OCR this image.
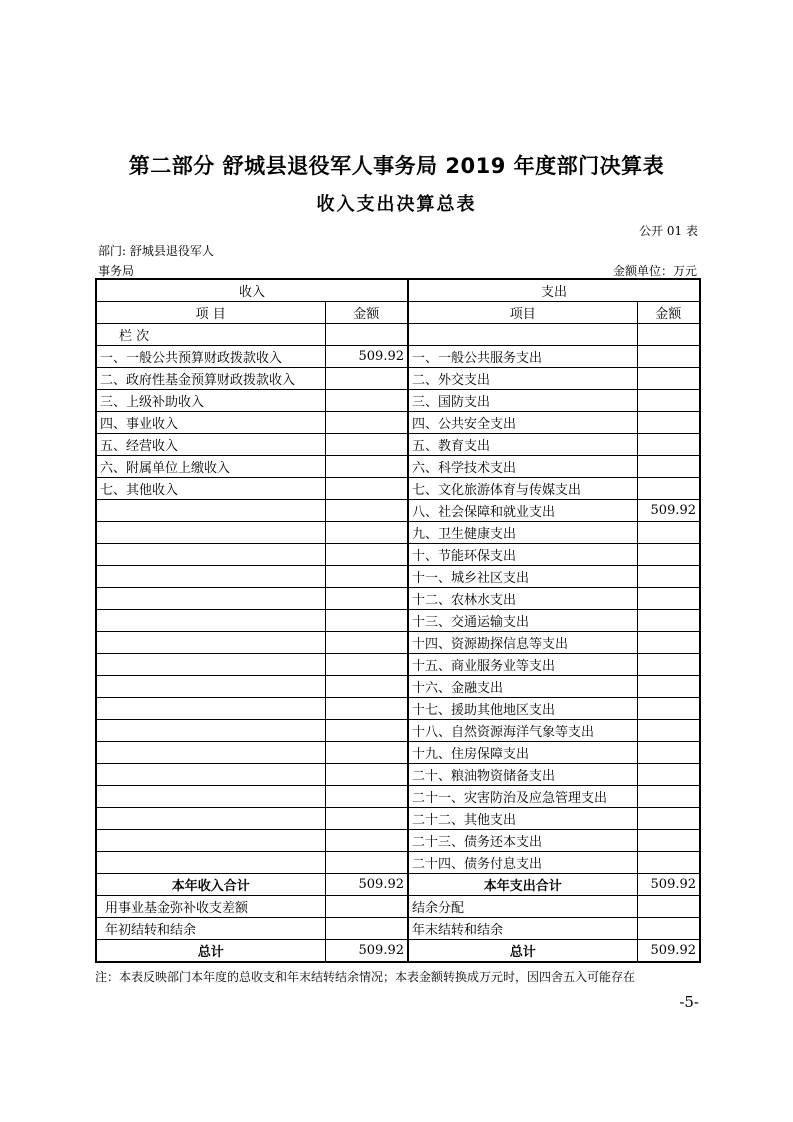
第二部分 舒城县退役军人事务局 2019 年度部门决算表
收入支出决算总表
公开 01 表
部门: 舒城县退役军人
事务局	金额单位：万元
收入		支出	
项 目	金额	项目	金额
栏 次			
一、一般公共预算财政拨款收入	509.92	一、一般公共服务支出	
二、政府性基金预算财政拨款收入		二、外交支出	
三、上级补助收入		三、国防支出	
四、事业收入		四、公共安全支出	
五、经营收入		五、教育支出	
六、附属单位上缴收入		六、科学技术支出	
七、其他收入		七、文化旅游体育与传媒支出	
		八、社会保障和就业支出	509.92
		九、卫生健康支出	
		十、节能环保支出	
		十一、城乡社区支出	
		十二、农林水支出	
		十三、交通运输支出	
		十四、资源勘探信息等支出	
		十五、商业服务业等支出	
		十六、金融支出	
		十七、援助其他地区支出	
		十八、自然资源海洋气象等支出	
		十九、住房保障支出	
		二十、粮油物资储备支出	
		二十一、灾害防治及应急管理支出	
		二十二、其他支出	
		二十三、债务还本支出	
		二十四、债务付息支出	
本年收入合计	509.92	本年支出合计	509.92
用事业基金弥补收支差额		结余分配	
年初结转和结余		年末结转和结余	
总计	509.92	总计	509.92
注：本表反映部门本年度的总收支和年末结转结余情况；本表金额转换成万元时，因四舍五入可能存在
-5-
